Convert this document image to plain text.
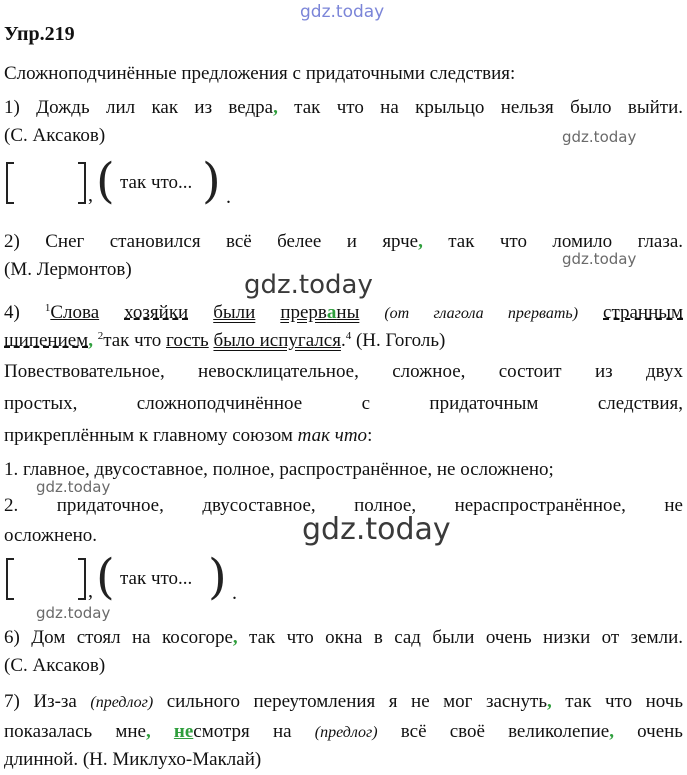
gdz.today
Упр.219
Сложноподчинённые предложения с придаточными следствия:
1) Дождь лил как из ведра, так что на крыльцо нельзя было выйти.
(С. Аксаков)	gdz.today
, ( так что... ) .
2) Снег становился всё белее и ярче, так что ломило глаза.
(М. Лермонтов)	gdz.today
gdz.today
4) $^1$Слова хозяйки были прерваны (от глагола прервать) странным
шипением, $^2$так что гость было испугался.$^4$ (Н. Гоголь)
Повествовательное, невосклицательное, сложное, состоит из двух
простых, сложноподчинённое с придаточным следствия,
прикреплённым к главному союзом так что:
1. главное, двусоставное, полное, распространённое, не осложнено;
gdz.today
2. придаточное, двусоставное, полное, нераспространённое, не
осложнено.	gdz.today
, ( так что... ) .
gdz.today
6) Дом стоял на косогоре, так что окна в сад были очень низки от земли.
(С. Аксаков)
7) Из-за (предлог) сильного переутомления я не мог заснуть, так что ночь
показалась мне, несмотря на (предлог) всё своё великолепие, очень
длинной. (Н. Миклухо-Маклай)
